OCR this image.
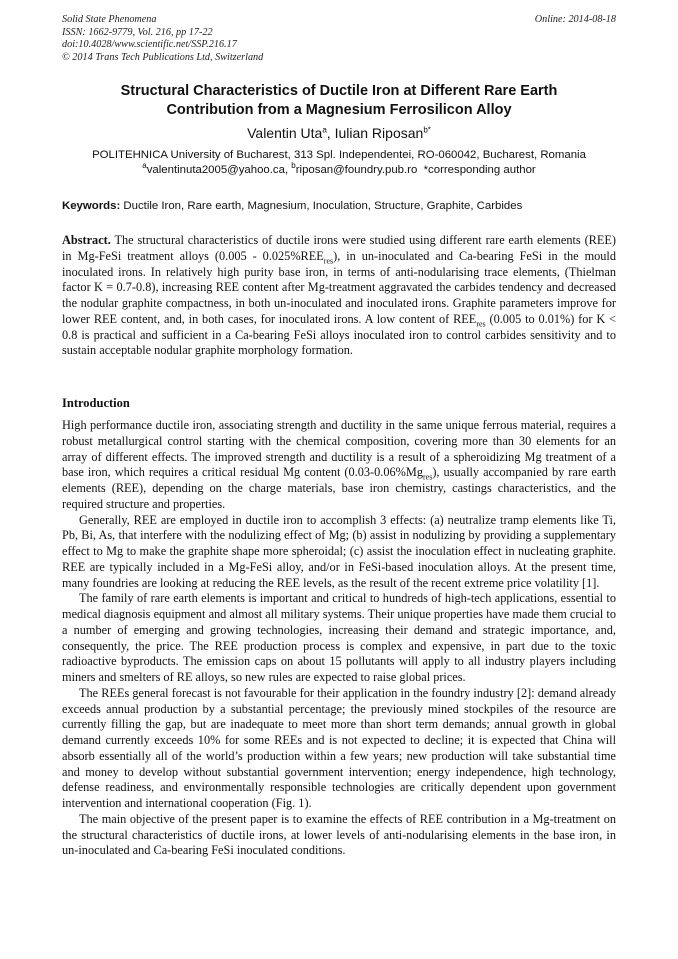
Solid State Phenomena
ISSN: 1662-9779, Vol. 216, pp 17-22
doi:10.4028/www.scientific.net/SSP.216.17
© 2014 Trans Tech Publications Ltd, Switzerland
Online: 2014-08-18
Structural Characteristics of Ductile Iron at Different Rare Earth
Contribution from a Magnesium Ferrosilicon Alloy
Valentin Uta$^a$, Iulian Riposan$^{b*}$
POLITEHNICA University of Bucharest, 313 Spl. Independentei, RO-060042, Bucharest, Romania
$^a$valentinuta2005@yahoo.ca, $^b$riposan@foundry.pub.ro  *corresponding author
Keywords: Ductile Iron, Rare earth, Magnesium, Inoculation, Structure, Graphite, Carbides
Abstract. The structural characteristics of ductile irons were studied using different rare earth elements (REE) in Mg-FeSi treatment alloys $(0.005 - 0.025\%REE_{res})$, in un-inoculated and Ca-bearing FeSi in the mould inoculated irons. In relatively high purity base iron, in terms of anti-nodularising trace elements, (Thielman factor K = 0.7-0.8), increasing REE content after Mg-treatment aggravated the carbides tendency and decreased the nodular graphite compactness, in both un-inoculated and inoculated irons. Graphite parameters improve for lower REE content, and, in both cases, for inoculated irons. A low content of $REE_{res}$ (0.005 to 0.01%) for K < 0.8 is practical and sufficient in a Ca-bearing FeSi alloys inoculated iron to control carbides sensitivity and to sustain acceptable nodular graphite morphology formation.
Introduction

High performance ductile iron, associating strength and ductility in the same unique ferrous material, requires a robust metallurgical control starting with the chemical composition, covering more than 30 elements for an array of different effects. The improved strength and ductility is a result of a spheroidizing Mg treatment of a base iron, which requires a critical residual Mg content $(0.03-0.06\%Mg_{res})$, usually accompanied by rare earth elements (REE), depending on the charge materials, base iron chemistry, castings characteristics, and the required structure and properties.

Generally, REE are employed in ductile iron to accomplish 3 effects: (a) neutralize tramp elements like Ti, Pb, Bi, As, that interfere with the nodulizing effect of Mg; (b) assist in nodulizing by providing a supplementary effect to Mg to make the graphite shape more spheroidal; (c) assist the inoculation effect in nucleating graphite. REE are typically included in a Mg-FeSi alloy, and/or in FeSi-based inoculation alloys. At the present time, many foundries are looking at reducing the REE levels, as the result of the recent extreme price volatility [1].

The family of rare earth elements is important and critical to hundreds of high-tech applications, essential to medical diagnosis equipment and almost all military systems. Their unique properties have made them crucial to a number of emerging and growing technologies, increasing their demand and strategic importance, and, consequently, the price. The REE production process is complex and expensive, in part due to the toxic radioactive byproducts. The emission caps on about 15 pollutants will apply to all industry players including miners and smelters of RE alloys, so new rules are expected to raise global prices.

The REEs general forecast is not favourable for their application in the foundry industry [2]: demand already exceeds annual production by a substantial percentage; the previously mined stockpiles of the resource are currently filling the gap, but are inadequate to meet more than short term demands; annual growth in global demand currently exceeds 10% for some REEs and is not expected to decline; it is expected that China will absorb essentially all of the world’s production within a few years; new production will take substantial time and money to develop without substantial government intervention; energy independence, high technology, defense readiness, and environmentally responsible technologies are critically dependent upon government intervention and international cooperation (Fig. 1).

The main objective of the present paper is to examine the effects of REE contribution in a Mg-treatment on the structural characteristics of ductile irons, at lower levels of anti-nodularising elements in the base iron, in un-inoculated and Ca-bearing FeSi inoculated conditions.
